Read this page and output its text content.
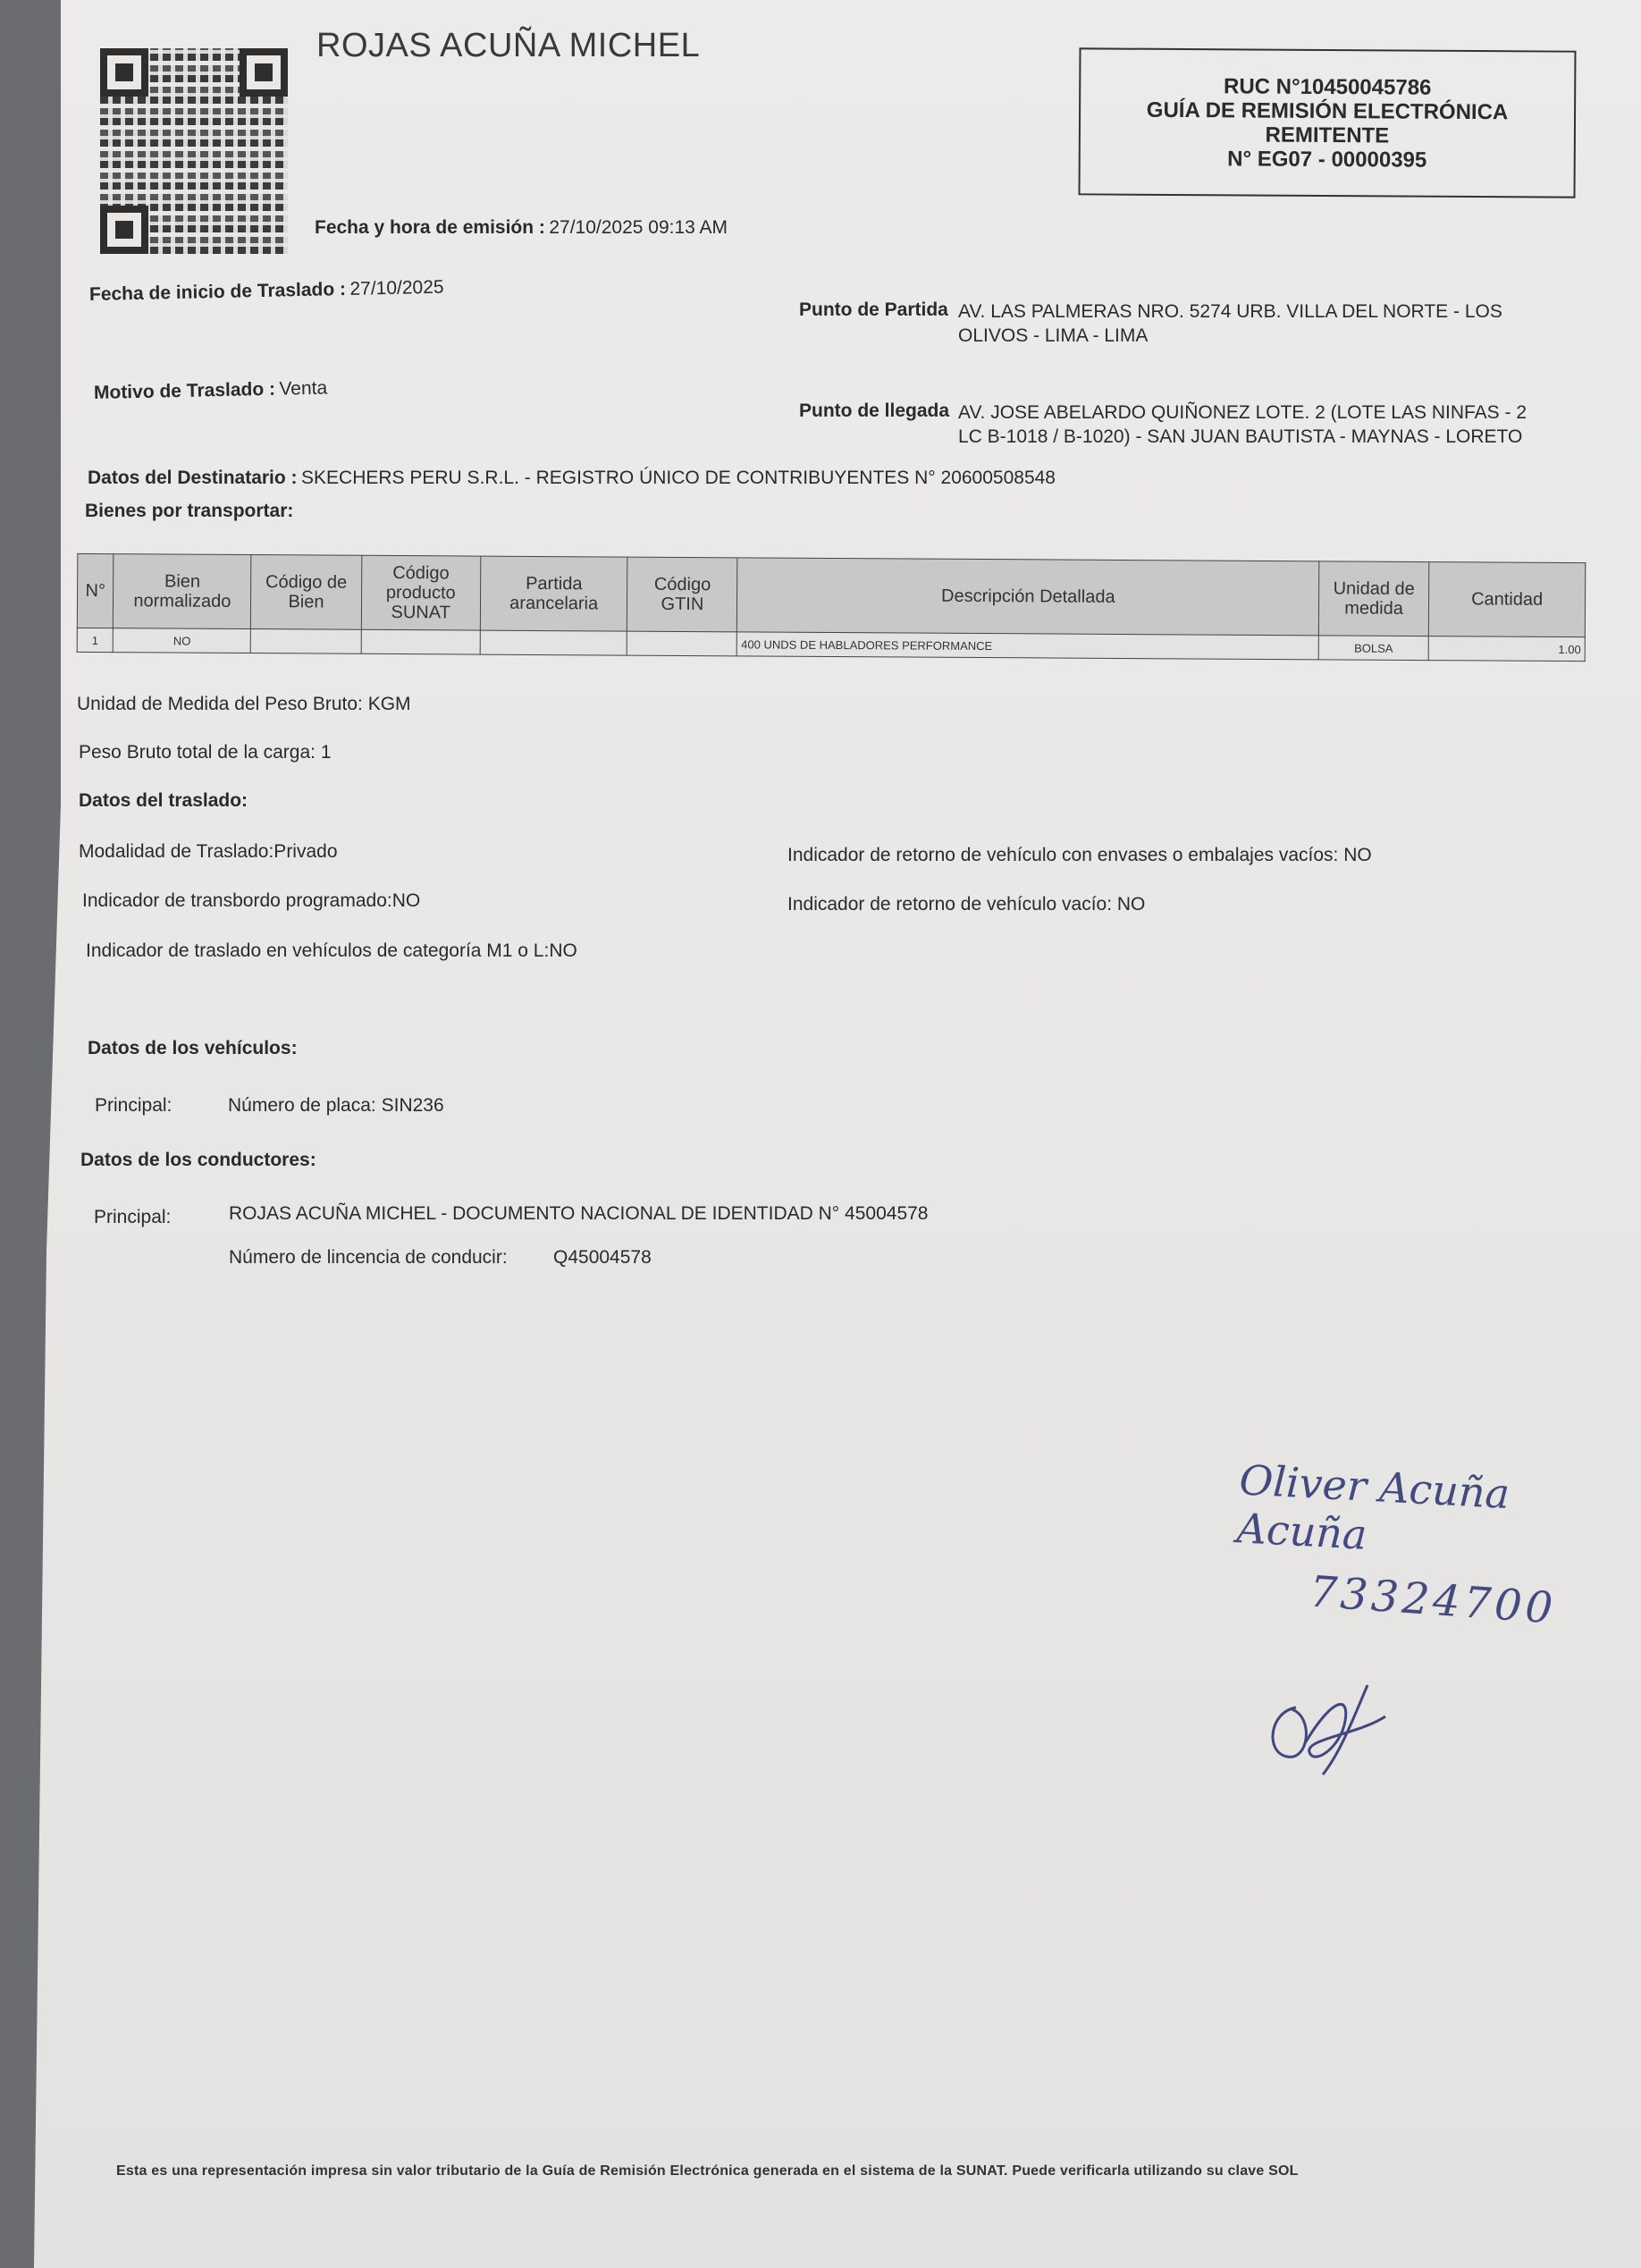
ROJAS ACUÑA MICHEL
Fecha y hora de emisión : 27/10/2025 09:13 AM
RUC N°10450045786
GUÍA DE REMISIÓN ELECTRÓNICA
REMITENTE
N° EG07 - 00000395
Fecha de inicio de Traslado : 27/10/2025
Punto de Partida AV. LAS PALMERAS NRO. 5274 URB. VILLA DEL NORTE - LOS
OLIVOS - LIMA - LIMA
Motivo de Traslado : Venta
Punto de llegada AV. JOSE ABELARDO QUIÑONEZ LOTE. 2 (LOTE LAS NINFAS - 2
LC B-1018 / B-1020) - SAN JUAN BAUTISTA - MAYNAS - LORETO
Datos del Destinatario : SKECHERS PERU S.R.L. - REGISTRO ÚNICO DE CONTRIBUYENTES N° 20600508548
Bienes por transportar:
N°	Bien normalizado	Código de Bien	Código producto SUNAT	Partida arancelaria	Código GTIN	Descripción Detallada	Unidad de medida	Cantidad
1	NO					400 UNDS DE HABLADORES PERFORMANCE	BOLSA	1.00
Unidad de Medida del Peso Bruto: KGM
Peso Bruto total de la carga: 1
Datos del traslado:
Modalidad de Traslado:Privado	Indicador de retorno de vehículo con envases o embalajes vacíos: NO
Indicador de transbordo programado:NO	Indicador de retorno de vehículo vacío: NO
Indicador de traslado en vehículos de categoría M1 o L:NO
Datos de los vehículos:
Principal:	Número de placa: SIN236
Datos de los conductores:
Principal:	ROJAS ACUÑA MICHEL - DOCUMENTO NACIONAL DE IDENTIDAD N° 45004578
Número de lincencia de conducir: Q45004578
Oliver Acuña Acuña
73324700
Esta es una representación impresa sin valor tributario de la Guía de Remisión Electrónica generada en el sistema de la SUNAT. Puede verificarla utilizando su clave SOL
